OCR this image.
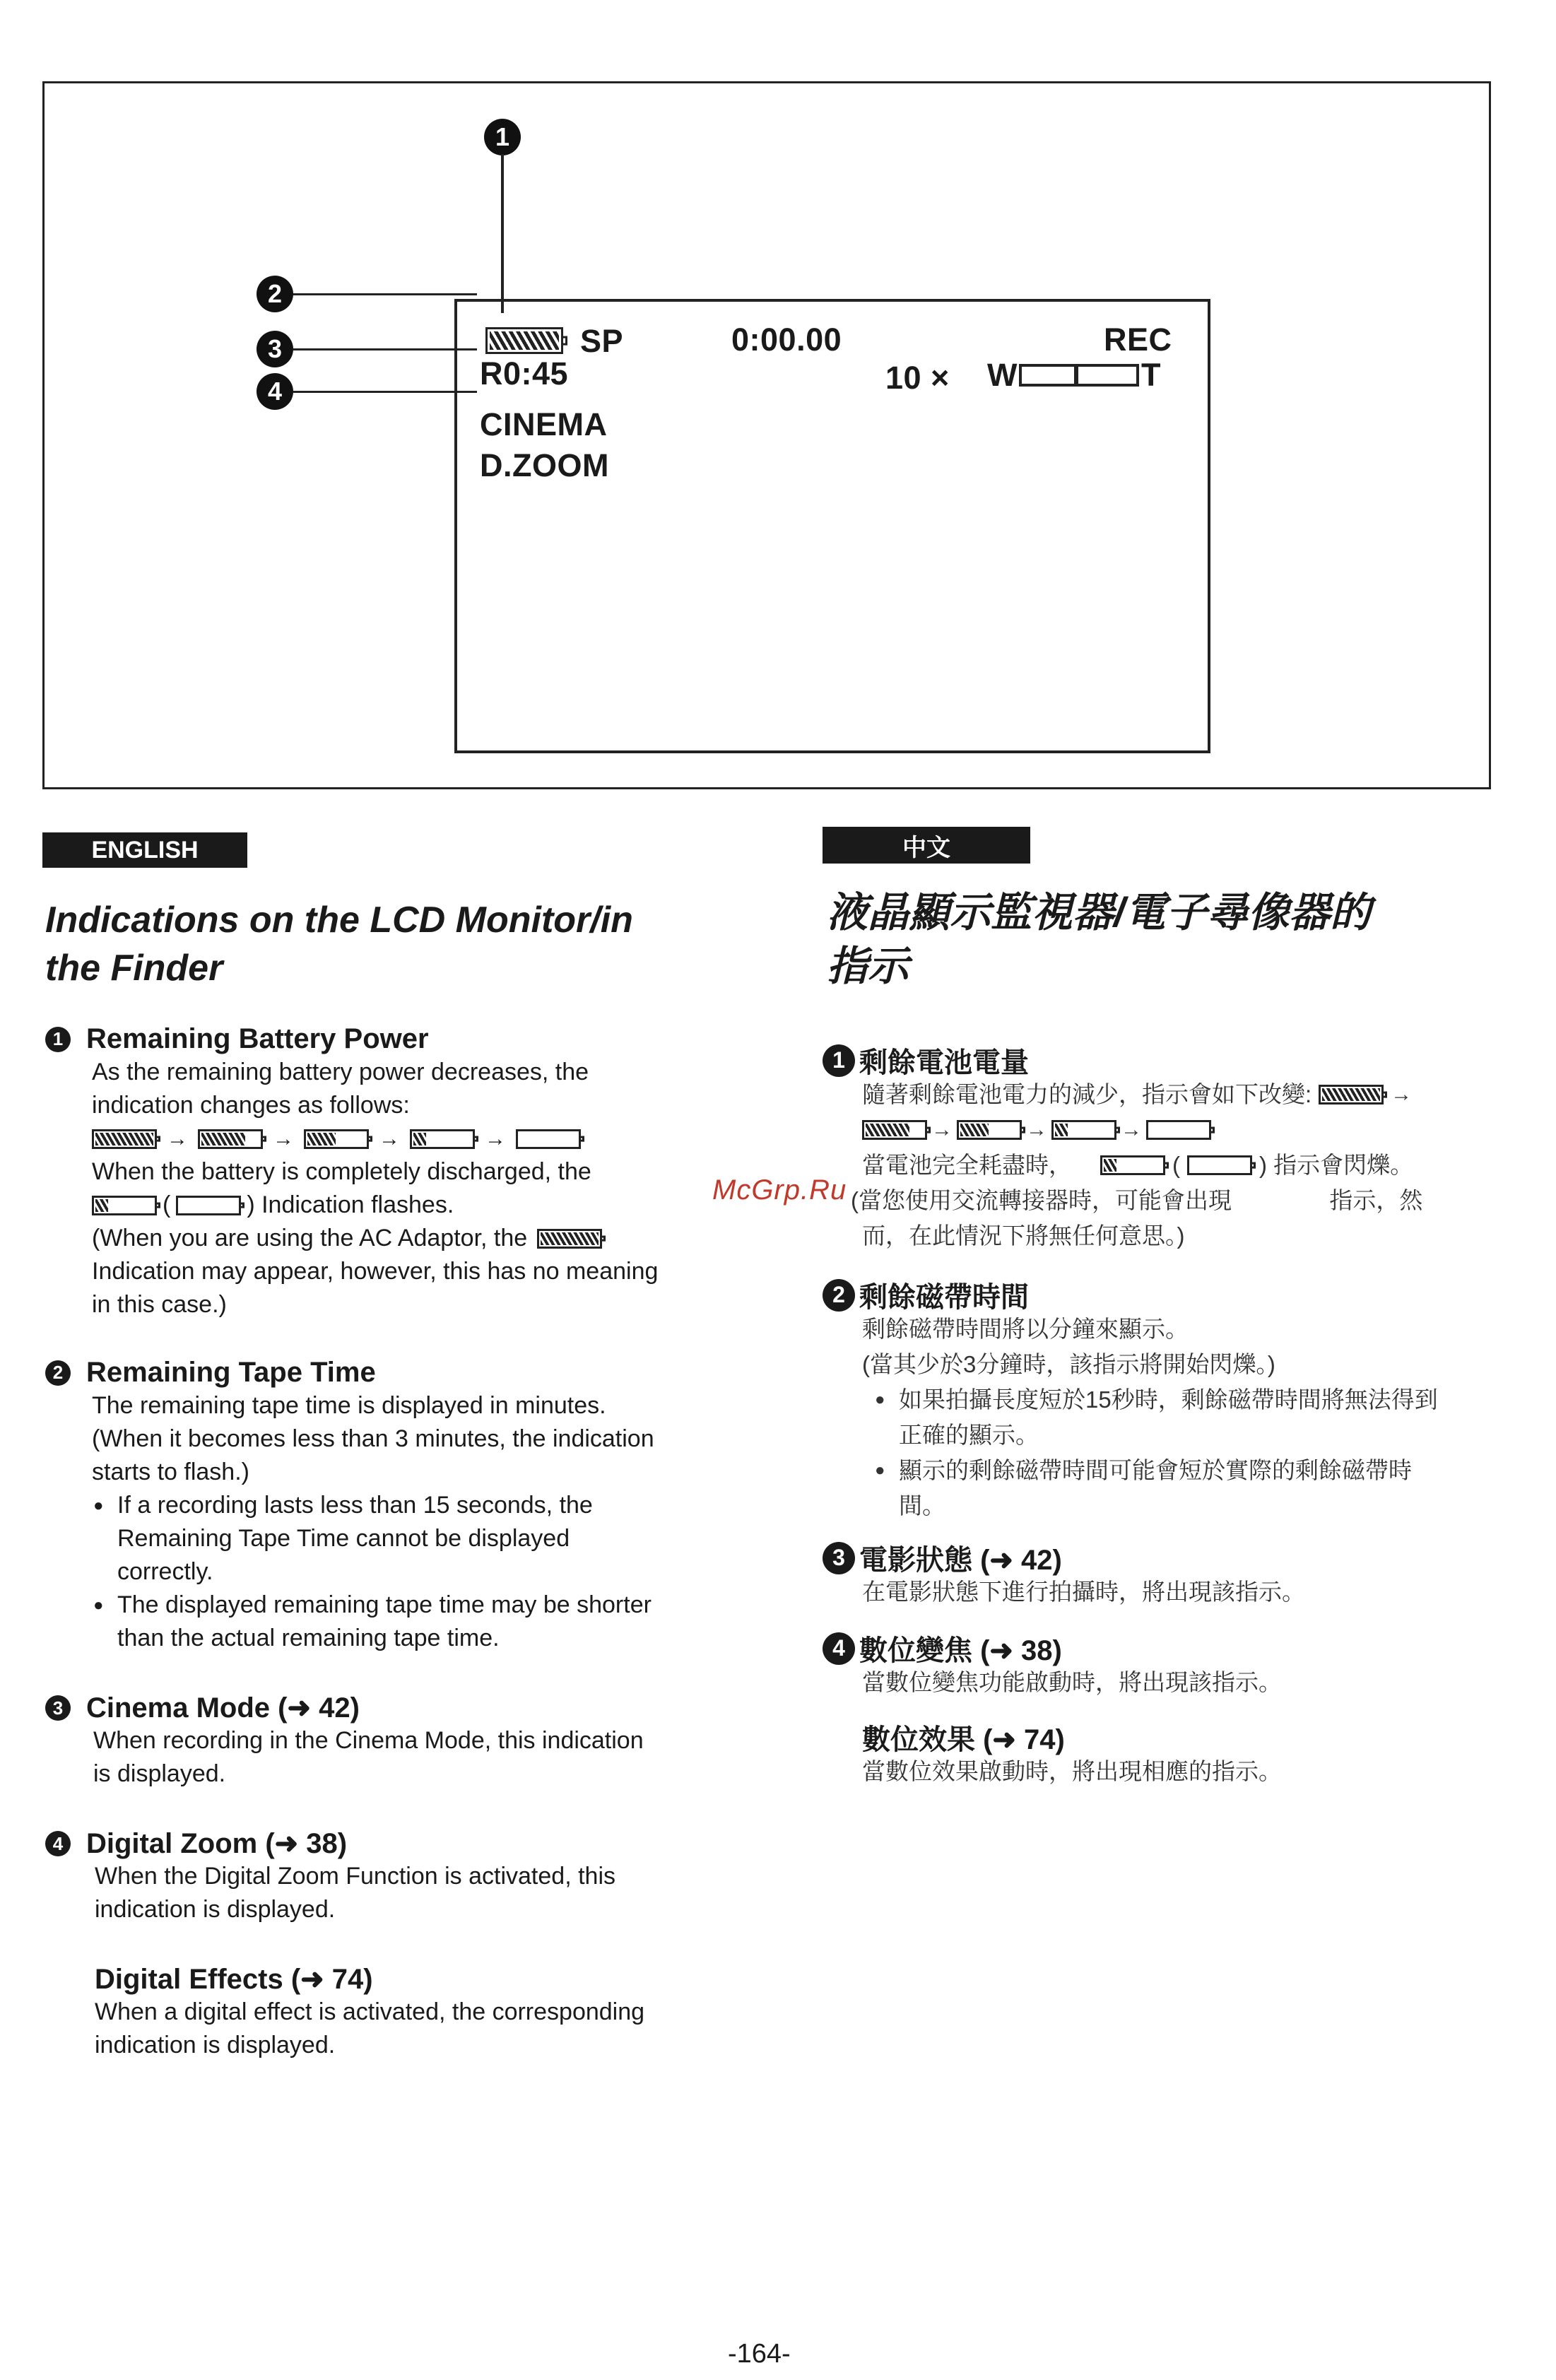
1
2
3
4
SP	0:00.00	REC
R0:45	10 × W	T
CINEMA
D.ZOOM
ENGLISH
Indications on the LCD Monitor/in
the Finder
1 Remaining Battery Power
As the remaining battery power decreases, the
indication changes as follows:
→	→	→	→
When the battery is completely discharged, the
(	) Indication flashes.
(When you are using the AC Adaptor, the
Indication may appear, however, this has no meaning
in this case.)
2 Remaining Tape Time
The remaining tape time is displayed in minutes.
(When it becomes less than 3 minutes, the indication
starts to flash.)
● If a recording lasts less than 15 seconds, the
Remaining Tape Time cannot be displayed
correctly.
● The displayed remaining tape time may be shorter
than the actual remaining tape time.
3 Cinema Mode (➜ 42)
When recording in the Cinema Mode, this indication
is displayed.
4 Digital Zoom (➜ 38)
When the Digital Zoom Function is activated, this
indication is displayed.
Digital Effects (➜ 74)
When a digital effect is activated, the corresponding
indication is displayed.
中文
液晶顯示監視器/電子尋像器的
指示
1 剩餘電池電量
隨著剩餘電池電力的減少，指示會如下改變:	→
→	→	→
當電池完全耗盡時，	(	) 指示會閃爍。
(當您使用交流轉接器時，可能會出現	指示，然
而，在此情況下將無任何意思。)
2 剩餘磁帶時間
剩餘磁帶時間將以分鐘來顯示。
(當其少於3分鐘時，該指示將開始閃爍。)
● 如果拍攝長度短於15秒時，剩餘磁帶時間將無法得到
正確的顯示。
● 顯示的剩餘磁帶時間可能會短於實際的剩餘磁帶時
間。
3 電影狀態 (➜ 42)
在電影狀態下進行拍攝時，將出現該指示。
4 數位變焦 (➜ 38)
當數位變焦功能啟動時，將出現該指示。
數位效果 (➜ 74)
當數位效果啟動時，將出現相應的指示。
McGrp.Ru
-164-
